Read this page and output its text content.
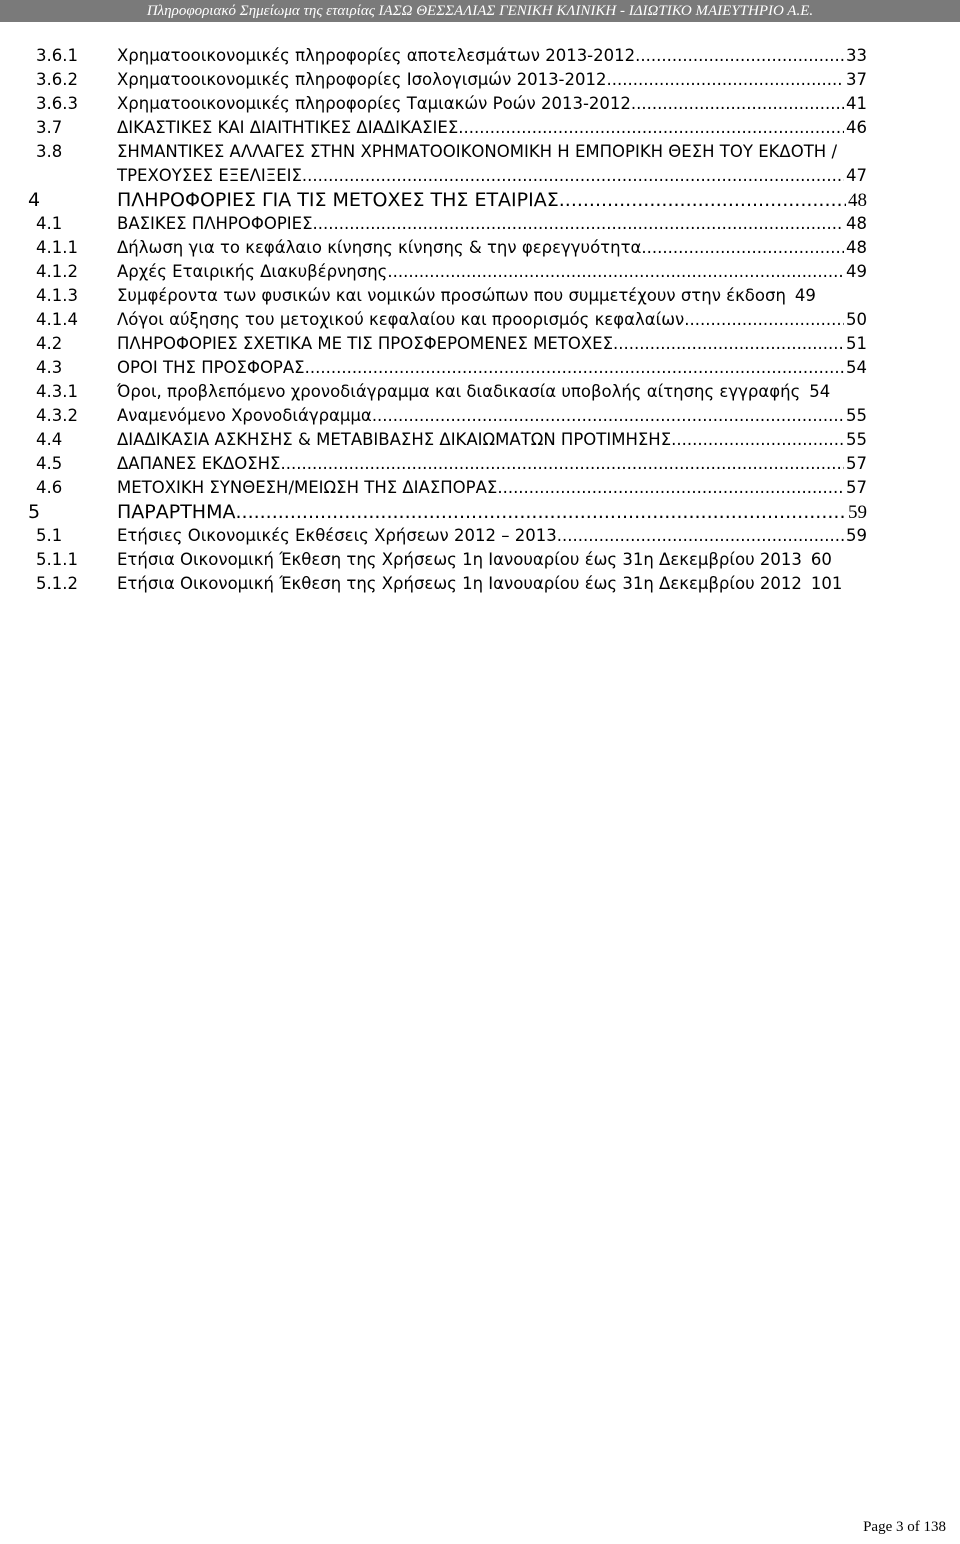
Πληροφοριακό Σημείωμα της εταιρίας ΙΑΣΩ ΘΕΣΣΑΛΙΑΣ ΓΕΝΙΚΗ ΚΛΙΝΙΚΗ - ΙΔΙΩΤΙΚΟ ΜΑΙΕΥΤΗΡΙΟ Α.Ε.
3.6.1 Χρηματοοικονομικές πληροφορίες αποτελεσμάτων 2013-2012 .....	33
3.6.2 Χρηματοοικονομικές πληροφορίες Ισολογισμών 2013-2012 .....	37
3.6.3 Χρηματοοικονομικές πληροφορίες Ταμιακών Ροών 2013-2012 .....	41
3.7	ΔΙΚΑΣΤΙΚΕΣ ΚΑΙ ΔΙΑΙΤΗΤΙΚΕΣ ΔΙΑΔΙΚΑΣΙΕΣ .....	46
3.8	ΣΗΜΑΝΤΙΚΕΣ ΑΛΛΑΓΕΣ ΣΤΗΝ ΧΡΗΜΑΤΟΟΙΚΟΝΟΜΙΚΗ Η ΕΜΠΟΡΙΚΗ ΘΕΣΗ ΤΟΥ ΕΚΔΟΤΗ /
ΤΡΕΧΟΥΣΕΣ ΕΞΕΛΙΞΕΙΣ .....	47
4	ΠΛΗΡΟΦΟΡΙΕΣ ΓΙΑ ΤΙΣ ΜΕΤΟΧΕΣ ΤΗΣ ΕΤΑΙΡΙΑΣ .....	48
4.1	ΒΑΣΙΚΕΣ ΠΛΗΡΟΦΟΡΙΕΣ .....	48
4.1.1 Δήλωση για το κεφάλαιο κίνησης κίνησης & την φερεγγυότητα .....	48
4.1.2 Αρχές Εταιρικής Διακυβέρνησης .....	49
4.1.3 Συμφέροντα των φυσικών και νομικών προσώπων που συμμετέχουν στην έκδοση 49
4.1.4 Λόγοι αύξησης του μετοχικού κεφαλαίου και προορισμός κεφαλαίων .....	50
4.2	ΠΛΗΡΟΦΟΡΙΕΣ ΣΧΕΤΙΚΑ ΜΕ ΤΙΣ ΠΡΟΣΦΕΡΟΜΕΝΕΣ ΜΕΤΟΧΕΣ .....	51
4.3	ΟΡΟΙ ΤΗΣ ΠΡΟΣΦΟΡΑΣ .....	54
4.3.1 Όροι, προβλεπόμενο χρονοδιάγραμμα και διαδικασία υποβολής αίτησης εγγραφής 54
4.3.2 Αναμενόμενο Χρονοδιάγραμμα .....	55
4.4	ΔΙΑΔΙΚΑΣΙΑ ΑΣΚΗΣΗΣ & ΜΕΤΑΒΙΒΑΣΗΣ ΔΙΚΑΙΩΜΑΤΩΝ ΠΡΟΤΙΜΗΣΗΣ .....	55
4.5	ΔΑΠΑΝΕΣ ΕΚΔΟΣΗΣ .....	57
4.6	ΜΕΤΟΧΙΚΗ ΣΥΝΘΕΣΗ/ΜΕΙΩΣΗ ΤΗΣ ΔΙΑΣΠΟΡΑΣ .....	57
5	ΠΑΡΑΡΤΗΜΑ .....	59
5.1	Ετήσιες Οικονομικές Εκθέσεις Χρήσεων 2012 – 2013 .....	59
5.1.1 Ετήσια Οικονομική Έκθεση της Χρήσεως 1η Ιανουαρίου έως 31η Δεκεμβρίου 2013 60
5.1.2 Ετήσια Οικονομική Έκθεση της Χρήσεως 1η Ιανουαρίου έως 31η Δεκεμβρίου 2012 101
Page 3 of 138
